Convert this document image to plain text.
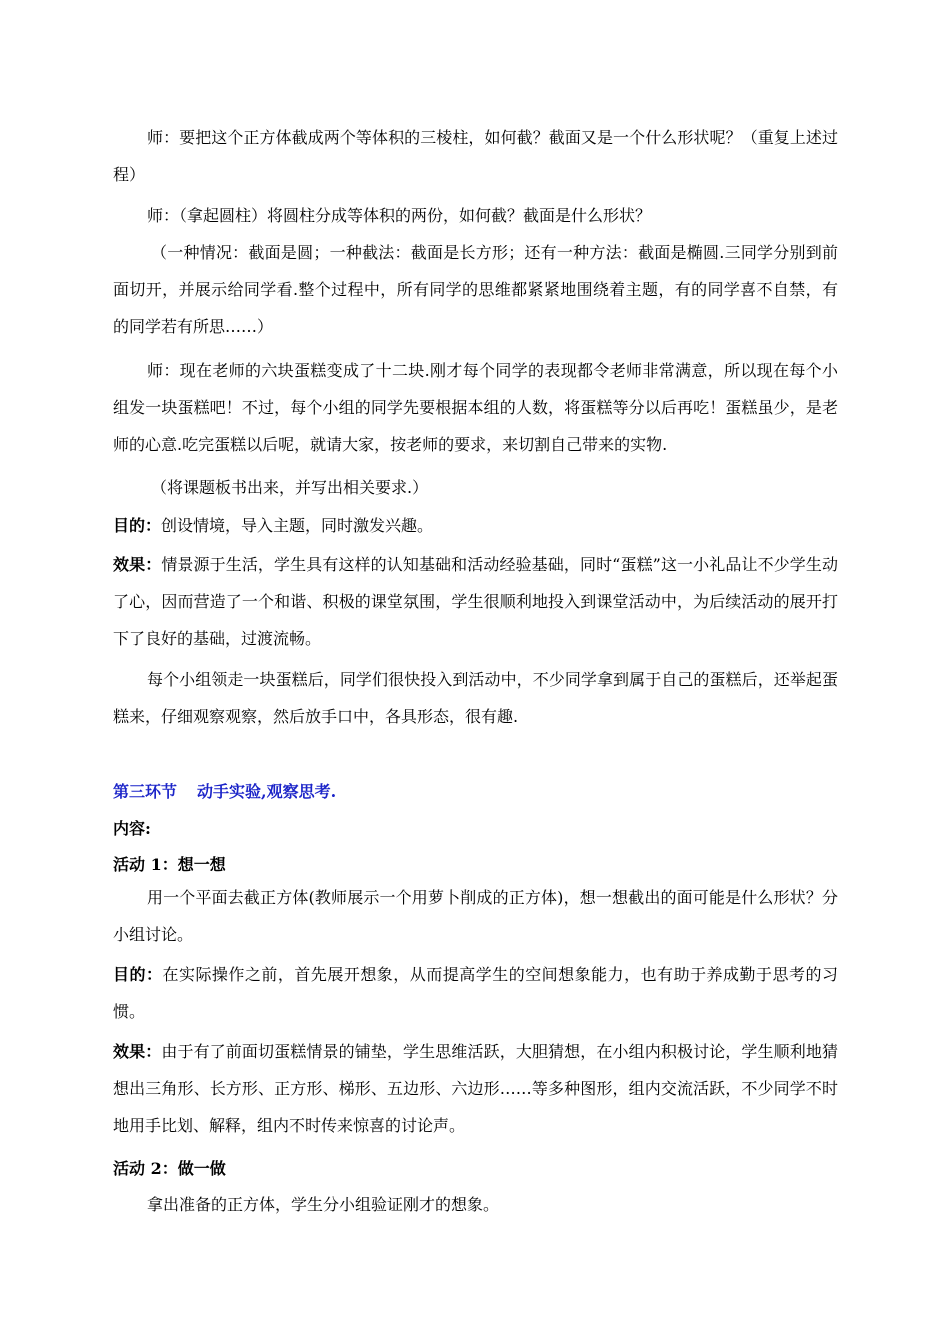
师：要把这个正方体截成两个等体积的三棱柱，如何截？截面又是一个什么形状呢？（重复上述过程）

师：（拿起圆柱）将圆柱分成等体积的两份，如何截？截面是什么形状？

（一种情况：截面是圆；一种截法：截面是长方形；还有一种方法：截面是椭圆.三同学分别到前面切开，并展示给同学看.整个过程中，所有同学的思维都紧紧地围绕着主题，有的同学喜不自禁，有的同学若有所思……）

师：现在老师的六块蛋糕变成了十二块.刚才每个同学的表现都令老师非常满意，所以现在每个小组发一块蛋糕吧！不过，每个小组的同学先要根据本组的人数，将蛋糕等分以后再吃！蛋糕虽少，是老师的心意.吃完蛋糕以后呢，就请大家，按老师的要求，来切割自己带来的实物.

（将课题板书出来，并写出相关要求.）

目的：创设情境，导入主题，同时激发兴趣。

效果：情景源于生活，学生具有这样的认知基础和活动经验基础，同时“蛋糕”这一小礼品让不少学生动了心，因而营造了一个和谐、积极的课堂氛围，学生很顺利地投入到课堂活动中，为后续活动的展开打下了良好的基础，过渡流畅。

每个小组领走一块蛋糕后，同学们很快投入到活动中，不少同学拿到属于自己的蛋糕后，还举起蛋糕来，仔细观察观察，然后放手口中，各具形态，很有趣.

第三环节 动手实验,观察思考.

内容:

活动 1：想一想

用一个平面去截正方体(教师展示一个用萝卜削成的正方体)，想一想截出的面可能是什么形状？分小组讨论。

目的：在实际操作之前，首先展开想象，从而提高学生的空间想象能力，也有助于养成勤于思考的习惯。

效果：由于有了前面切蛋糕情景的铺垫，学生思维活跃，大胆猜想，在小组内积极讨论，学生顺利地猜想出三角形、长方形、正方形、梯形、五边形、六边形……等多种图形，组内交流活跃，不少同学不时地用手比划、解释，组内不时传来惊喜的讨论声。

活动 2：做一做

拿出准备的正方体，学生分小组验证刚才的想象。
